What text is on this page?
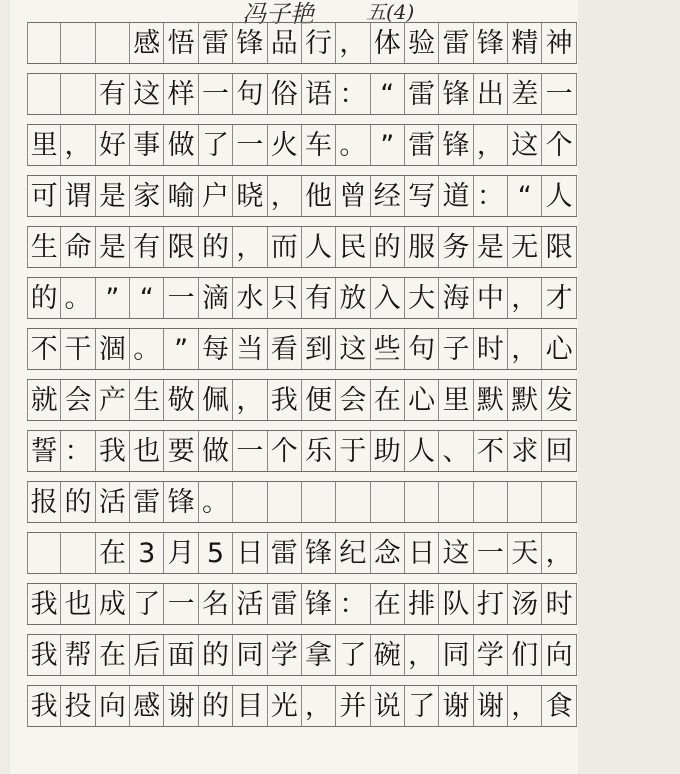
冯子艳	五(4)
感 悟 雷 锋 品 行 ， 体 验 雷 锋 精 神
有 这 样 一 句 俗 语 ： “ 雷 锋 出 差 一
里 ， 好 事 做 了 一 火 车 。 ” 雷 锋 ， 这 个
可 谓 是 家 喻 户 晓 ， 他 曾 经 写 道 ： “ 人
生 命 是 有 限 的 ， 而 人 民 的 服 务 是 无 限
的 。 ” “ 一 滴 水 只 有 放 入 大 海 中 ， 才
不 干 涸 。 ” 每 当 看 到 这 些 句 子 时 ， 心
就 会 产 生 敬 佩 ， 我 便 会 在 心 里 默 默 发
誓 ： 我 也 要 做 一 个 乐 于 助 人 、 不 求 回
报 的 活 雷 锋 。
在 3 月 5 日 雷 锋 纪 念 日 这 一 天 ，
我 也 成 了 一 名 活 雷 锋 ： 在 排 队 打 汤 时
我 帮 在 后 面 的 同 学 拿 了 碗 ， 同 学 们 向
我 投 向 感 谢 的 目 光 ， 并 说 了 谢 谢 ， 食
